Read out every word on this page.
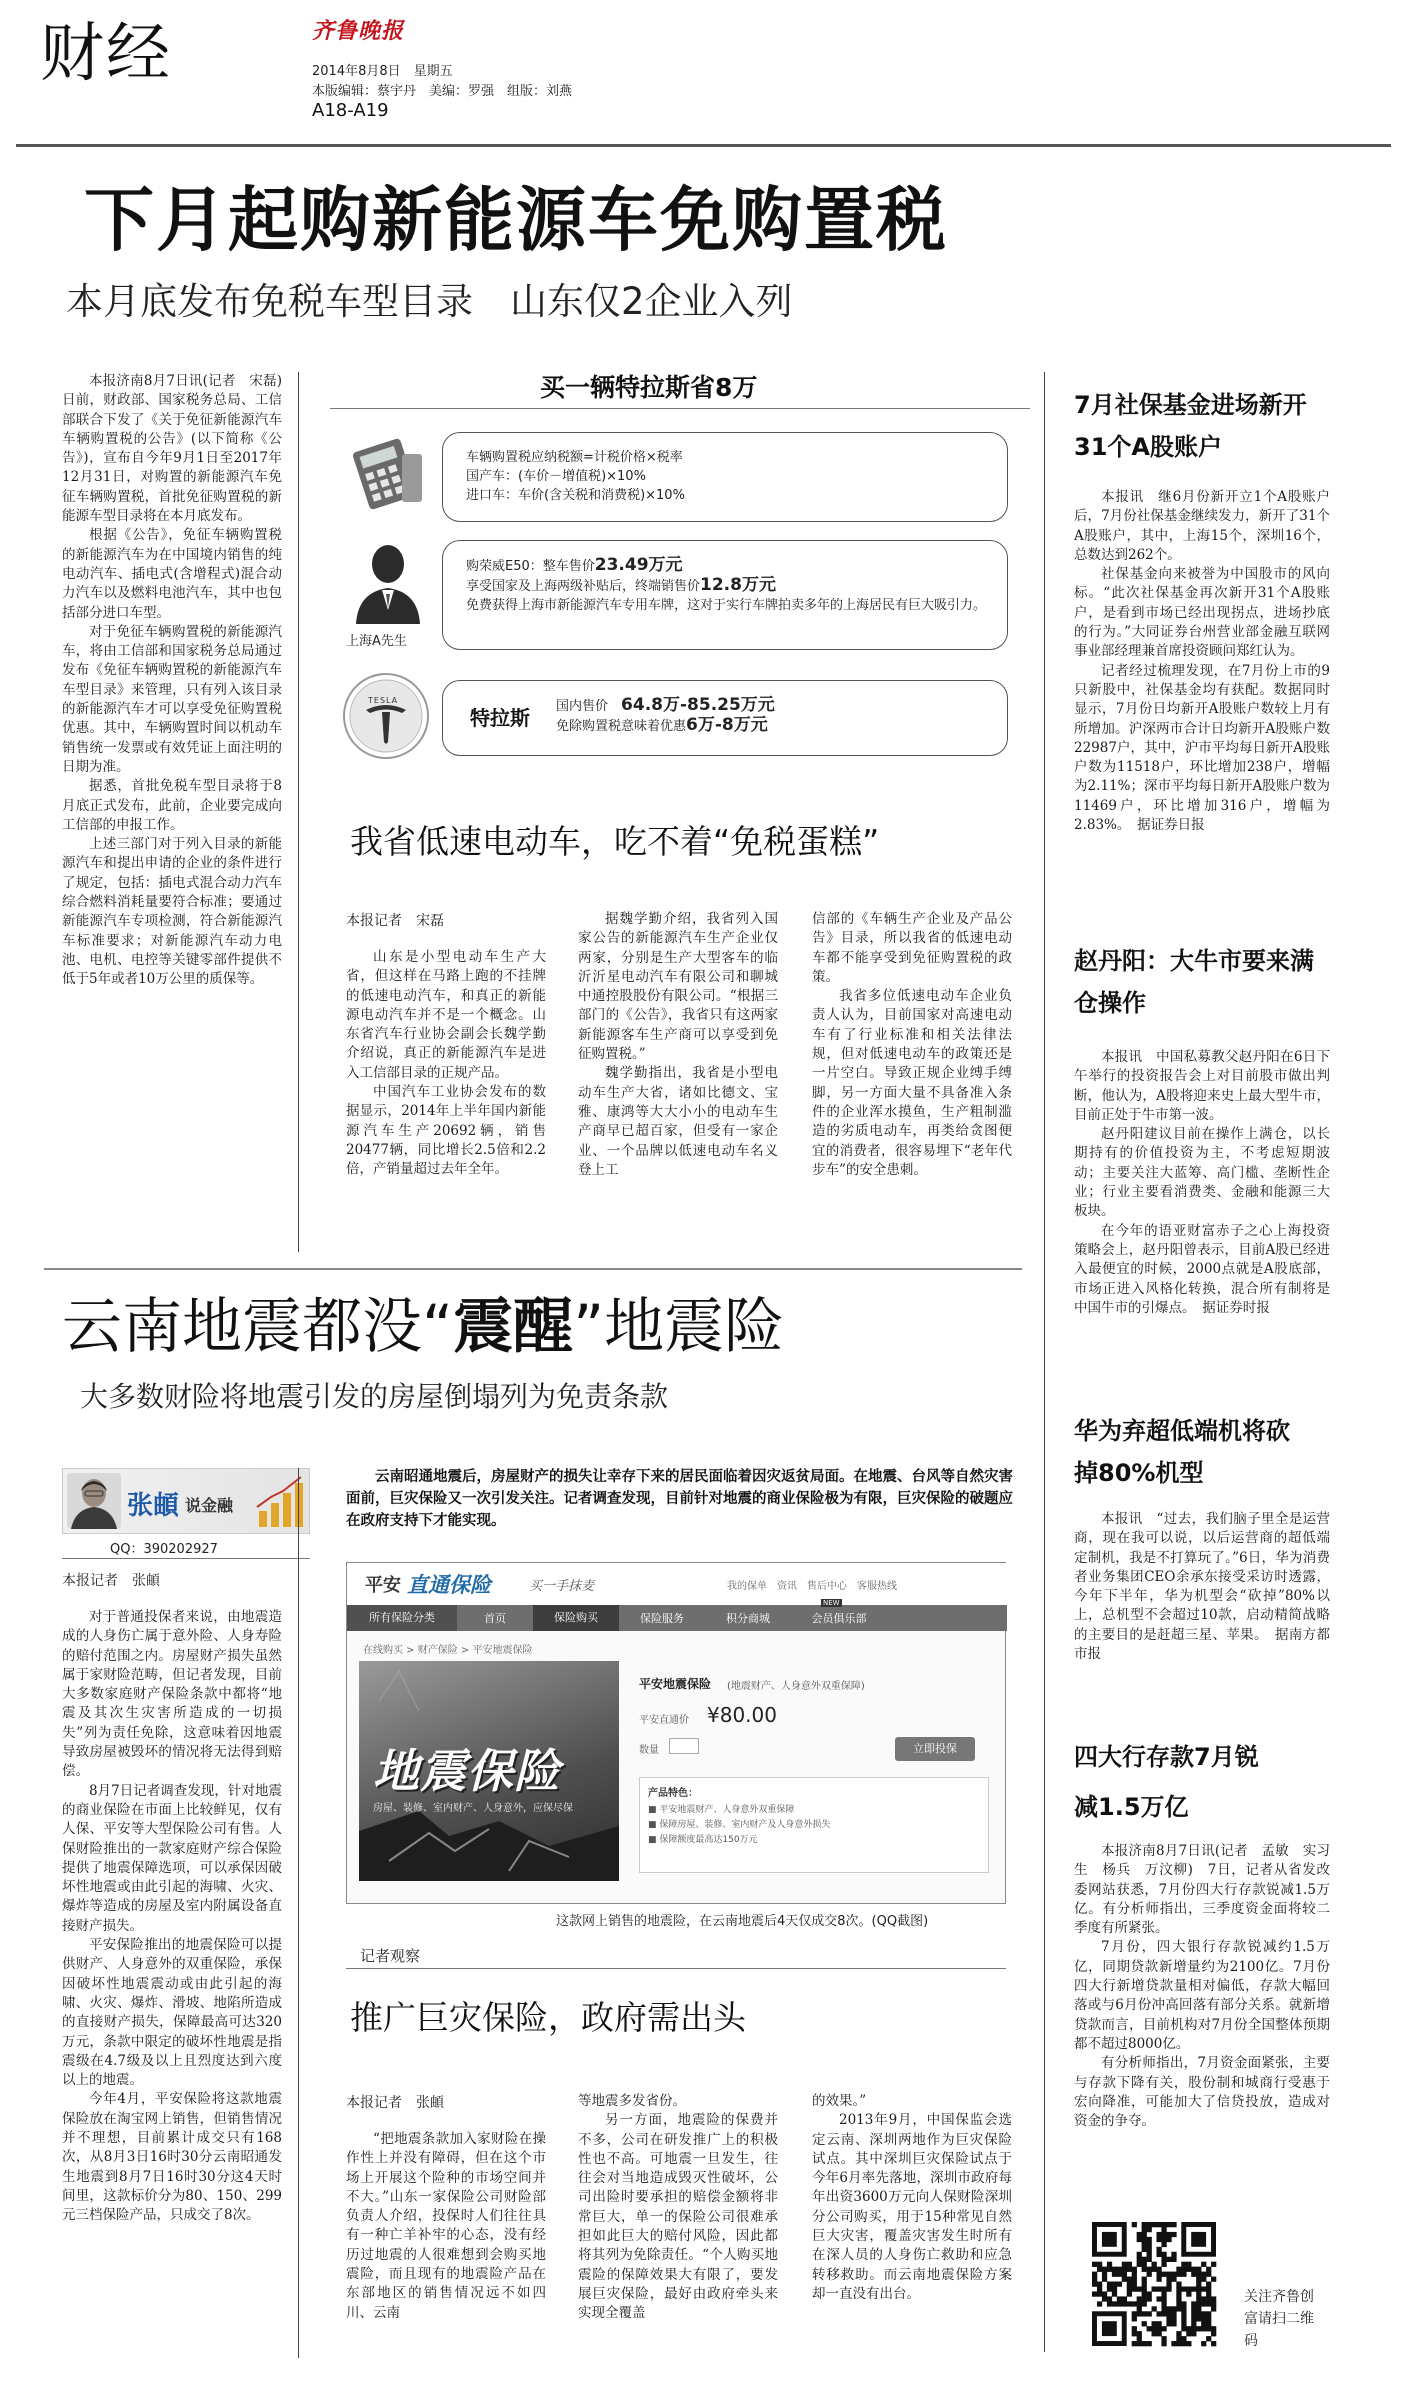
财经	齐鲁晚报
2014年8月8日　星期五
本版编辑：蔡宇丹　美编：罗强　组版：刘燕
A18-A19
下月起购新能源车免购置税
本月底发布免税车型目录　山东仅2企业入列

本报济南8月7日讯(记者　宋磊)　日前，财政部、国家税务总局、工信部联合下发了《关于免征新能源汽车车辆购置税的公告》(以下简称《公告》)，宣布自今年9月1日至2017年12月31日，对购置的新能源汽车免征车辆购置税，首批免征购置税的新能源车型目录将在本月底发布。

根据《公告》，免征车辆购置税的新能源汽车为在中国境内销售的纯电动汽车、插电式(含增程式)混合动力汽车以及燃料电池汽车，其中也包括部分进口车型。

对于免征车辆购置税的新能源汽车，将由工信部和国家税务总局通过发布《免征车辆购置税的新能源汽车车型目录》来管理，只有列入该目录的新能源汽车才可以享受免征购置税优惠。其中，车辆购置时间以机动车销售统一发票或有效凭证上面注明的日期为准。

据悉，首批免税车型目录将于8月底正式发布，此前，企业要完成向工信部的申报工作。

上述三部门对于列入目录的新能源汽车和提出申请的企业的条件进行了规定，包括：插电式混合动力汽车综合燃料消耗量要符合标准；要通过新能源汽车专项检测，符合新能源汽车标准要求；对新能源汽车动力电池、电机、电控等关键零部件提供不低于5年或者10万公里的质保等。

买一辆特拉斯省8万
车辆购置税应纳税额=计税价格×税率
国产车：(车价－增值税)×10%
进口车：车价(含关税和消费税)×10%
上海A先生
购荣威E50：整车售价23.49万元
享受国家及上海两级补贴后，终端销售价12.8万元
免费获得上海市新能源汽车专用车牌，这对于实行车牌拍卖多年的上海居民有巨大吸引力。
TESLA
特拉斯 国内售价　 64.8万-85.25万元
免除购置税意味着优惠6万-8万元
我省低速电动车，吃不着“免税蛋糕”
本报记者　宋磊

山东是小型电动车生产大省，但这样在马路上跑的不挂牌的低速电动汽车，和真正的新能源电动汽车并不是一个概念。山东省汽车行业协会副会长魏学勤介绍说，真正的新能源汽车是进入工信部目录的正规产品。

中国汽车工业协会发布的数据显示，2014年上半年国内新能源汽车生产20692辆，销售20477辆，同比增长2.5倍和2.2倍，产销量超过去年全年。

据魏学勤介绍，我省列入国家公告的新能源汽车生产企业仅两家，分别是生产大型客车的临沂沂星电动汽车有限公司和聊城中通控股股份有限公司。“根据三部门的《公告》，我省只有这两家新能源客车生产商可以享受到免征购置税。”

魏学勤指出，我省是小型电动车生产大省，诸如比德文、宝雅、康鸿等大大小小的电动车生产商早已超百家，但受有一家企业、一个品牌以低速电动车名义登上工

信部的《车辆生产企业及产品公告》目录，所以我省的低速电动车都不能享受到免征购置税的政策。

我省多位低速电动车企业负责人认为，目前国家对高速电动车有了行业标准和相关法律法规，但对低速电动车的政策还是一片空白。导致正规企业缚手缚脚，另一方面大量不具备准入条件的企业浑水摸鱼，生产粗制滥造的劣质电动车，再类给贪图便宜的消费者，很容易埋下“老年代步车”的安全患刺。

7月社保基金进场新开31个A股账户

本报讯　继6月份新开立1个A股账户后，7月份社保基金继续发力，新开了31个A股账户，其中，上海15个，深圳16个，总数达到262个。

社保基金向来被誉为中国股市的风向标。“此次社保基金再次新开31个A股账户，是看到市场已经出现拐点，进场抄底的行为。”大同证券台州营业部金融互联网事业部经理兼首席投资顾问郑红认为。

记者经过梳理发现，在7月份上市的9只新股中，社保基金均有获配。数据同时显示，7月份日均新开A股账户数较上月有所增加。沪深两市合计日均新开A股账户数22987户，其中，沪市平均每日新开A股账户数为11518户，环比增加238户，增幅为2.11%；深市平均每日新开A股账户数为11469户，环比增加316户，增幅为2.83%。　据证券日报

赵丹阳：大牛市要来满仓操作

本报讯　中国私募教父赵丹阳在6日下午举行的投资报告会上对目前股市做出判断，他认为，A股将迎来史上最大型牛市，目前正处于牛市第一波。

赵丹阳建议目前在操作上满仓，以长期持有的价值投资为主，不考虑短期波动；主要关注大蓝筹、高门槛、垄断性企业；行业主要看消费类、金融和能源三大板块。

在今年的语亚财富赤子之心上海投资策略会上，赵丹阳曾表示，目前A股已经进入最便宜的时候，2000点就是A股底部，市场正进入风格化转换，混合所有制将是中国牛市的引爆点。　据证券时报

华为弃超低端机将砍掉80%机型

本报讯　“过去，我们脑子里全是运营商，现在我可以说，以后运营商的超低端定制机，我是不打算玩了。”6日，华为消费者业务集团CEO余承东接受采访时透露，今年下半年，华为机型会“砍掉”80%以上，总机型不会超过10款，启动精简战略的主要目的是赶超三星、苹果。　据南方都市报

四大行存款7月锐减1.5万亿

本报济南8月7日讯(记者　孟敏　实习生　杨兵　万汶柳)　7日，记者从省发改委网站获悉，7月份四大行存款锐减1.5万亿。有分析师指出，三季度资金面将较二季度有所紧张。

7月份，四大银行存款锐减约1.5万亿，同期贷款新增量约为2100亿。7月份四大行新增贷款量相对偏低，存款大幅回落或与6月份冲高回落有部分关系。就新增贷款而言，目前机构对7月份全国整体预期都不超过8000亿。

有分析师指出，7月资金面紧张，主要与存款下降有关，股份制和城商行受惠于宏向降准，可能加大了信贷投放，造成对资金的争夺。

关注齐鲁创富请扫二维码
云南地震都没“震醒”地震险
大多数财险将地震引发的房屋倒塌列为免责条款
张頔 说金融
QQ：390202927
本报记者　张頔

对于普通投保者来说，由地震造成的人身伤亡属于意外险、人身寿险的赔付范围之内。房屋财产损失虽然属于家财险范畴，但记者发现，目前大多数家庭财产保险条款中都将“地震及其次生灾害所造成的一切损失”列为责任免除，这意味着因地震导致房屋被毁坏的情况将无法得到赔偿。

8月7日记者调查发现，针对地震的商业保险在市面上比较鲜见，仅有人保、平安等大型保险公司有售。人保财险推出的一款家庭财产综合保险提供了地震保障选项，可以承保因破坏性地震或由此引起的海啸、火灾、爆炸等造成的房屋及室内附属设备直接财产损失。

平安保险推出的地震保险可以提供财产、人身意外的双重保险，承保因破坏性地震震动或由此引起的海啸、火灾、爆炸、滑坡、地陷所造成的直接财产损失，保障最高可达320万元，条款中限定的破坏性地震是指震级在4.7级及以上且烈度达到六度以上的地震。

今年4月，平安保险将这款地震保险放在淘宝网上销售，但销售情况并不理想，目前累计成交只有168次，从8月3日16时30分云南昭通发生地震到8月7日16时30分这4天时间里，这款标价分为80、150、299元三档保险产品，只成交了8次。

云南昭通地震后，房屋财产的损失让幸存下来的居民面临着因灾返贫局面。在地震、台风等自然灾害面前，巨灾保险又一次引发关注。记者调查发现，目前针对地震的商业保险极为有限，巨灾保险的破题应在政府支持下才能实现。
平安 直通保险	买一手抹麦	我的保单　资讯　售后中心　客服热线
所有保险分类	首页	保险购买	保险服务	积分商城	会员俱乐部
NEW
在线购买 > 财产保险 > 平安地震保险
地震保险
房屋、装修、室内财产、人身意外，应保尽保
平安地震保险 (地震财产、人身意外双重保障)
平安直通价 ¥80.00
数量	立即投保
产品特色：
■ 平安地震财产、人身意外双重保障
■ 保障房屋、装修、室内财产及人身意外损失
■ 保障额度最高达150万元
这款网上销售的地震险，在云南地震后4天仅成交8次。(QQ截图)
记者观察
推广巨灾保险，政府需出头
本报记者　张頔

“把地震条款加入家财险在操作性上并没有障碍，但在这个市场上开展这个险种的市场空间并不大。”山东一家保险公司财险部负责人介绍，投保时人们往往具有一种亡羊补牢的心态，没有经历过地震的人很难想到会购买地震险，而且现有的地震险产品在东部地区的销售情况远不如四川、云南

等地震多发省份。

另一方面，地震险的保费并不多，公司在研发推广上的积极性也不高。可地震一旦发生，往往会对当地造成毁灭性破坏，公司出险时要承担的赔偿金额将非常巨大，单一的保险公司很难承担如此巨大的赔付风险，因此都将其列为免除责任。“个人购买地震险的保障效果大有限了，要发展巨灾保险，最好由政府牵头来实现全覆盖

的效果。”

2013年9月，中国保监会选定云南、深圳两地作为巨灾保险试点。其中深圳巨灾保险试点于今年6月率先落地，深圳市政府每年出资3600万元向人保财险深圳分公司购买，用于15种常见自然巨大灾害，覆盖灾害发生时所有在深人员的人身伤亡救助和应急转移救助。而云南地震保险方案却一直没有出台。
